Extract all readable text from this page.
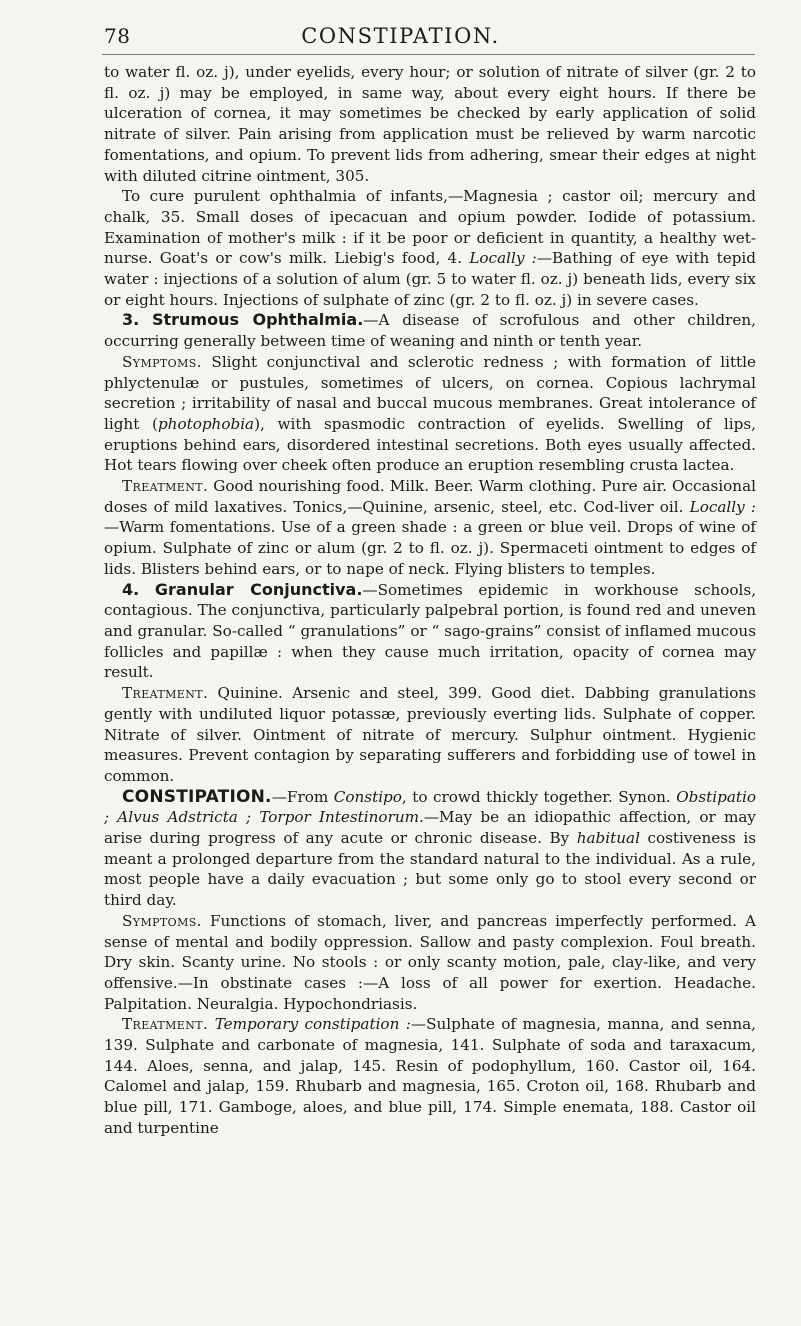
78	CONSTIPATION.

to water fl. oz. j), under eyelids, every hour; or solution of nitrate of silver (gr. 2 to fl. oz. j) may be employed, in same way, about every eight hours. If there be ulceration of cornea, it may sometimes be checked by early application of solid nitrate of silver. Pain arising from application must be relieved by warm narcotic fomentations, and opium. To prevent lids from adhering, smear their edges at night with diluted citrine ointment, 305.

To cure purulent ophthalmia of infants,—Magnesia ; castor oil; mercury and chalk, 35. Small doses of ipecacuan and opium powder. Iodide of potassium. Examination of mother's milk : if it be poor or deficient in quantity, a healthy wet-nurse. Goat's or cow's milk. Liebig's food, 4. Locally :—Bathing of eye with tepid water : injections of a solution of alum (gr. 5 to water fl. oz. j) beneath lids, every six or eight hours. Injections of sulphate of zinc (gr. 2 to fl. oz. j) in severe cases.

3. Strumous Ophthalmia.—A disease of scrofulous and other children, occurring generally between time of weaning and ninth or tenth year.

Symptoms. Slight conjunctival and sclerotic redness ; with formation of little phlyctenulæ or pustules, sometimes of ulcers, on cornea. Copious lachrymal secretion ; irritability of nasal and buccal mucous membranes. Great intolerance of light (photophobia), with spasmodic contraction of eyelids. Swelling of lips, eruptions behind ears, disordered intestinal secretions. Both eyes usually affected. Hot tears flowing over cheek often produce an eruption resembling crusta lactea.

Treatment. Good nourishing food. Milk. Beer. Warm clothing. Pure air. Occasional doses of mild laxatives. Tonics,—Quinine, arsenic, steel, etc. Cod-liver oil. Locally :—Warm fomentations. Use of a green shade : a green or blue veil. Drops of wine of opium. Sulphate of zinc or alum (gr. 2 to fl. oz. j). Spermaceti ointment to edges of lids. Blisters behind ears, or to nape of neck. Flying blisters to temples.

4. Granular Conjunctiva.—Sometimes epidemic in workhouse schools, contagious. The conjunctiva, particularly palpebral portion, is found red and uneven and granular. So-called “ granulations” or “ sago-grains” consist of inflamed mucous follicles and papillæ : when they cause much irritation, opacity of cornea may result.

Treatment. Quinine. Arsenic and steel, 399. Good diet. Dabbing granulations gently with undiluted liquor potassæ, previously everting lids. Sulphate of copper. Nitrate of silver. Ointment of nitrate of mercury. Sulphur ointment. Hygienic measures. Prevent contagion by separating sufferers and forbidding use of towel in common.

CONSTIPATION.—From Constipo, to crowd thickly together. Synon. Obstipatio ; Alvus Adstricta ; Torpor Intestinorum.—May be an idiopathic affection, or may arise during progress of any acute or chronic disease. By habitual costiveness is meant a prolonged departure from the standard natural to the individual. As a rule, most people have a daily evacuation ; but some only go to stool every second or third day.

Symptoms. Functions of stomach, liver, and pancreas imperfectly performed. A sense of mental and bodily oppression. Sallow and pasty complexion. Foul breath. Dry skin. Scanty urine. No stools : or only scanty motion, pale, clay-like, and very offensive.—In obstinate cases :—A loss of all power for exertion. Headache. Palpitation. Neuralgia. Hypochondriasis.

Treatment. Temporary constipation :—Sulphate of magnesia, manna, and senna, 139. Sulphate and carbonate of magnesia, 141. Sulphate of soda and taraxacum, 144. Aloes, senna, and jalap, 145. Resin of podophyllum, 160. Castor oil, 164. Calomel and jalap, 159. Rhubarb and magnesia, 165. Croton oil, 168. Rhubarb and blue pill, 171. Gamboge, aloes, and blue pill, 174. Simple enemata, 188. Castor oil and turpentine
